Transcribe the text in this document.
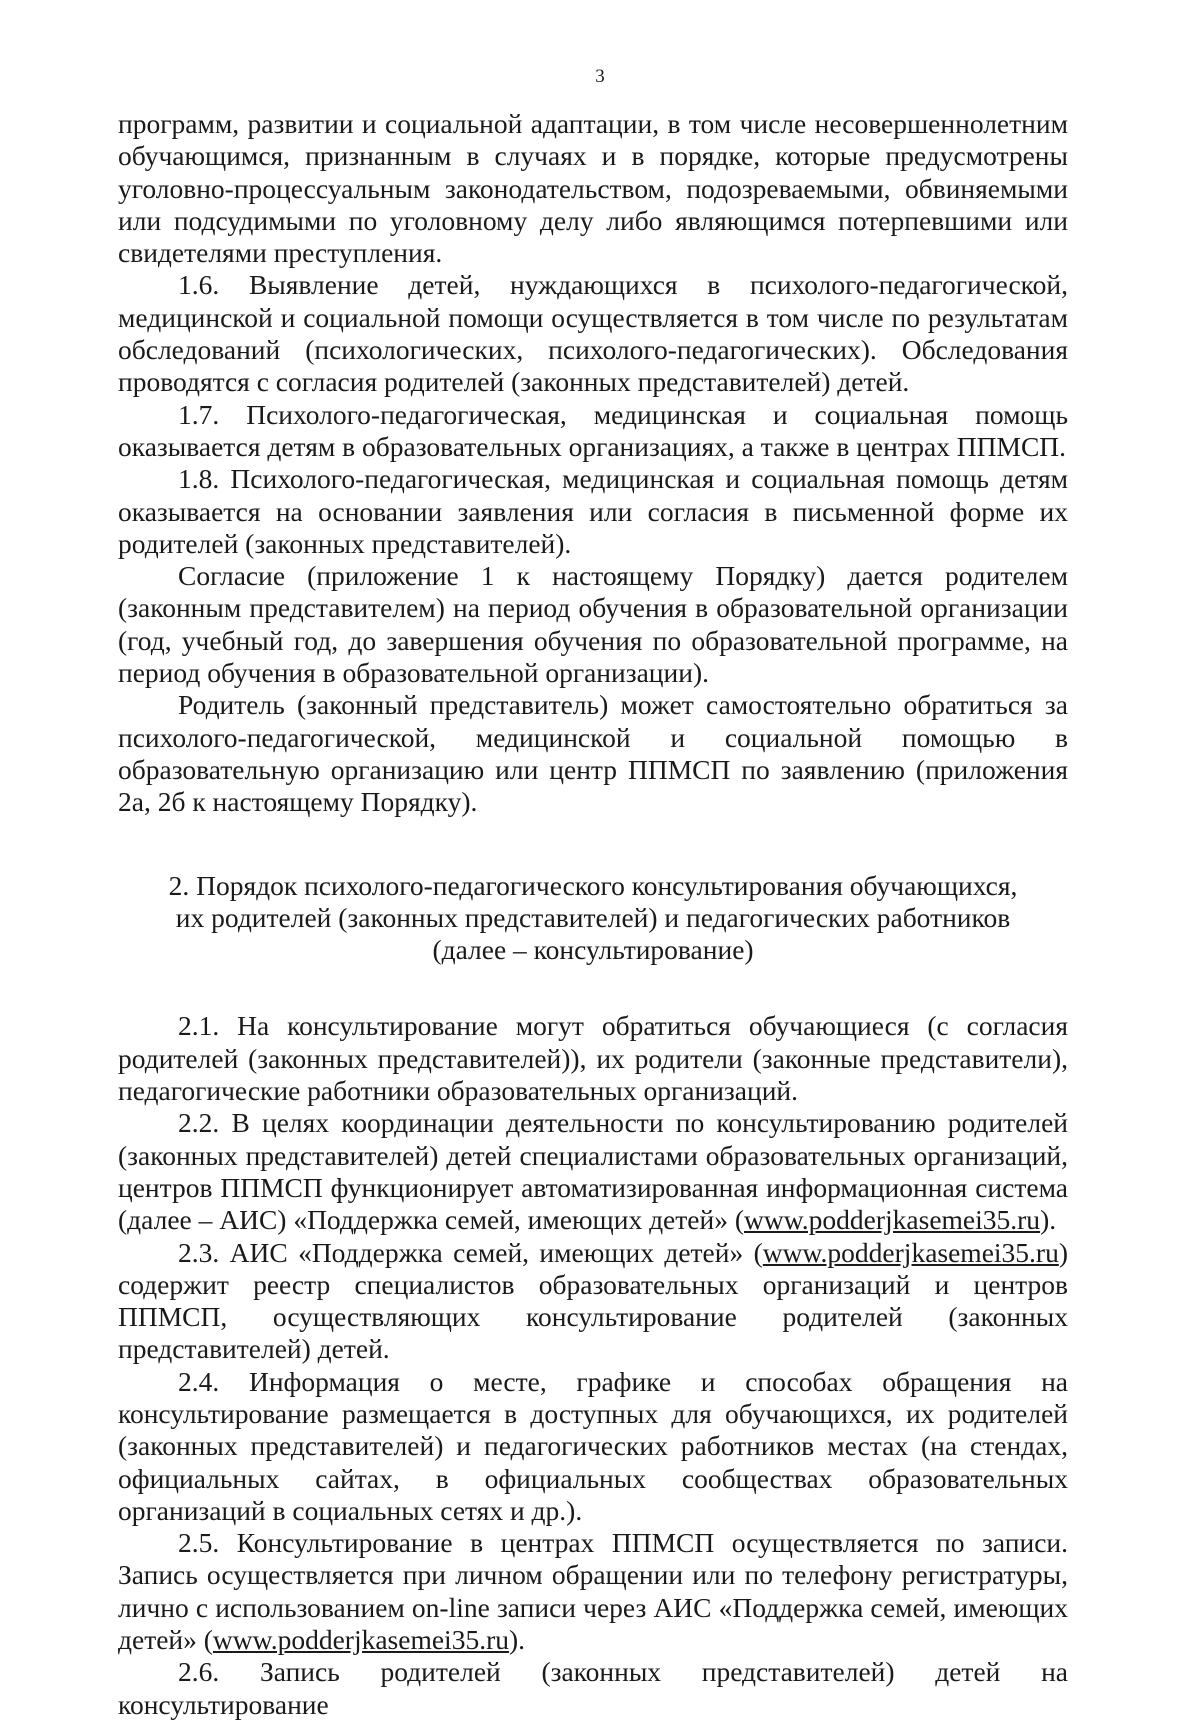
3

программ, развитии и социальной адаптации, в том числе несовершеннолетним обучающимся, признанным в случаях и в порядке, которые предусмотрены уголовно-процессуальным законодательством, подозреваемыми, обвиняемыми или подсудимыми по уголовному делу либо являющимся потерпевшими или свидетелями преступления.

1.6. Выявление детей, нуждающихся в психолого-педагогической, медицинской и социальной помощи осуществляется в том числе по результатам обследований (психологических, психолого-педагогических). Обследования проводятся с согласия родителей (законных представителей) детей.

1.7. Психолого-педагогическая, медицинская и социальная помощь оказывается детям в образовательных организациях, а также в центрах ППМСП.

1.8. Психолого-педагогическая, медицинская и социальная помощь детям оказывается на основании заявления или согласия в письменной форме их родителей (законных представителей).

Согласие (приложение 1 к настоящему Порядку) дается родителем (законным представителем) на период обучения в образовательной организации (год, учебный год, до завершения обучения по образовательной программе, на период обучения в образовательной организации).

Родитель (законный представитель) может самостоятельно обратиться за психолого-педагогической, медицинской и социальной помощью в образовательную организацию или центр ППМСП по заявлению (приложения 2а, 2б к настоящему Порядку).

2. Порядок психолого-педагогического консультирования обучающихся,
их родителей (законных представителей) и педагогических работников
(далее – консультирование)

2.1. На консультирование могут обратиться обучающиеся (с согласия родителей (законных представителей)), их родители (законные представители), педагогические работники образовательных организаций.

2.2. В целях координации деятельности по консультированию родителей (законных представителей) детей специалистами образовательных организаций, центров ППМСП функционирует автоматизированная информационная система (далее – АИС) «Поддержка семей, имеющих детей» (www.podderjkasemei35.ru).

2.3. АИС «Поддержка семей, имеющих детей» (www.podderjkasemei35.ru) содержит реестр специалистов образовательных организаций и центров ППМСП, осуществляющих консультирование родителей (законных представителей) детей.

2.4. Информация о месте, графике и способах обращения на консультирование размещается в доступных для обучающихся, их родителей (законных представителей) и педагогических работников местах (на стендах, официальных сайтах, в официальных сообществах образовательных организаций в социальных сетях и др.).

2.5. Консультирование в центрах ППМСП осуществляется по записи. Запись осуществляется при личном обращении или по телефону регистратуры, лично с использованием on-line записи через АИС «Поддержка семей, имеющих детей» (www.podderjkasemei35.ru).

2.6. Запись родителей (законных представителей) детей на консультирование
